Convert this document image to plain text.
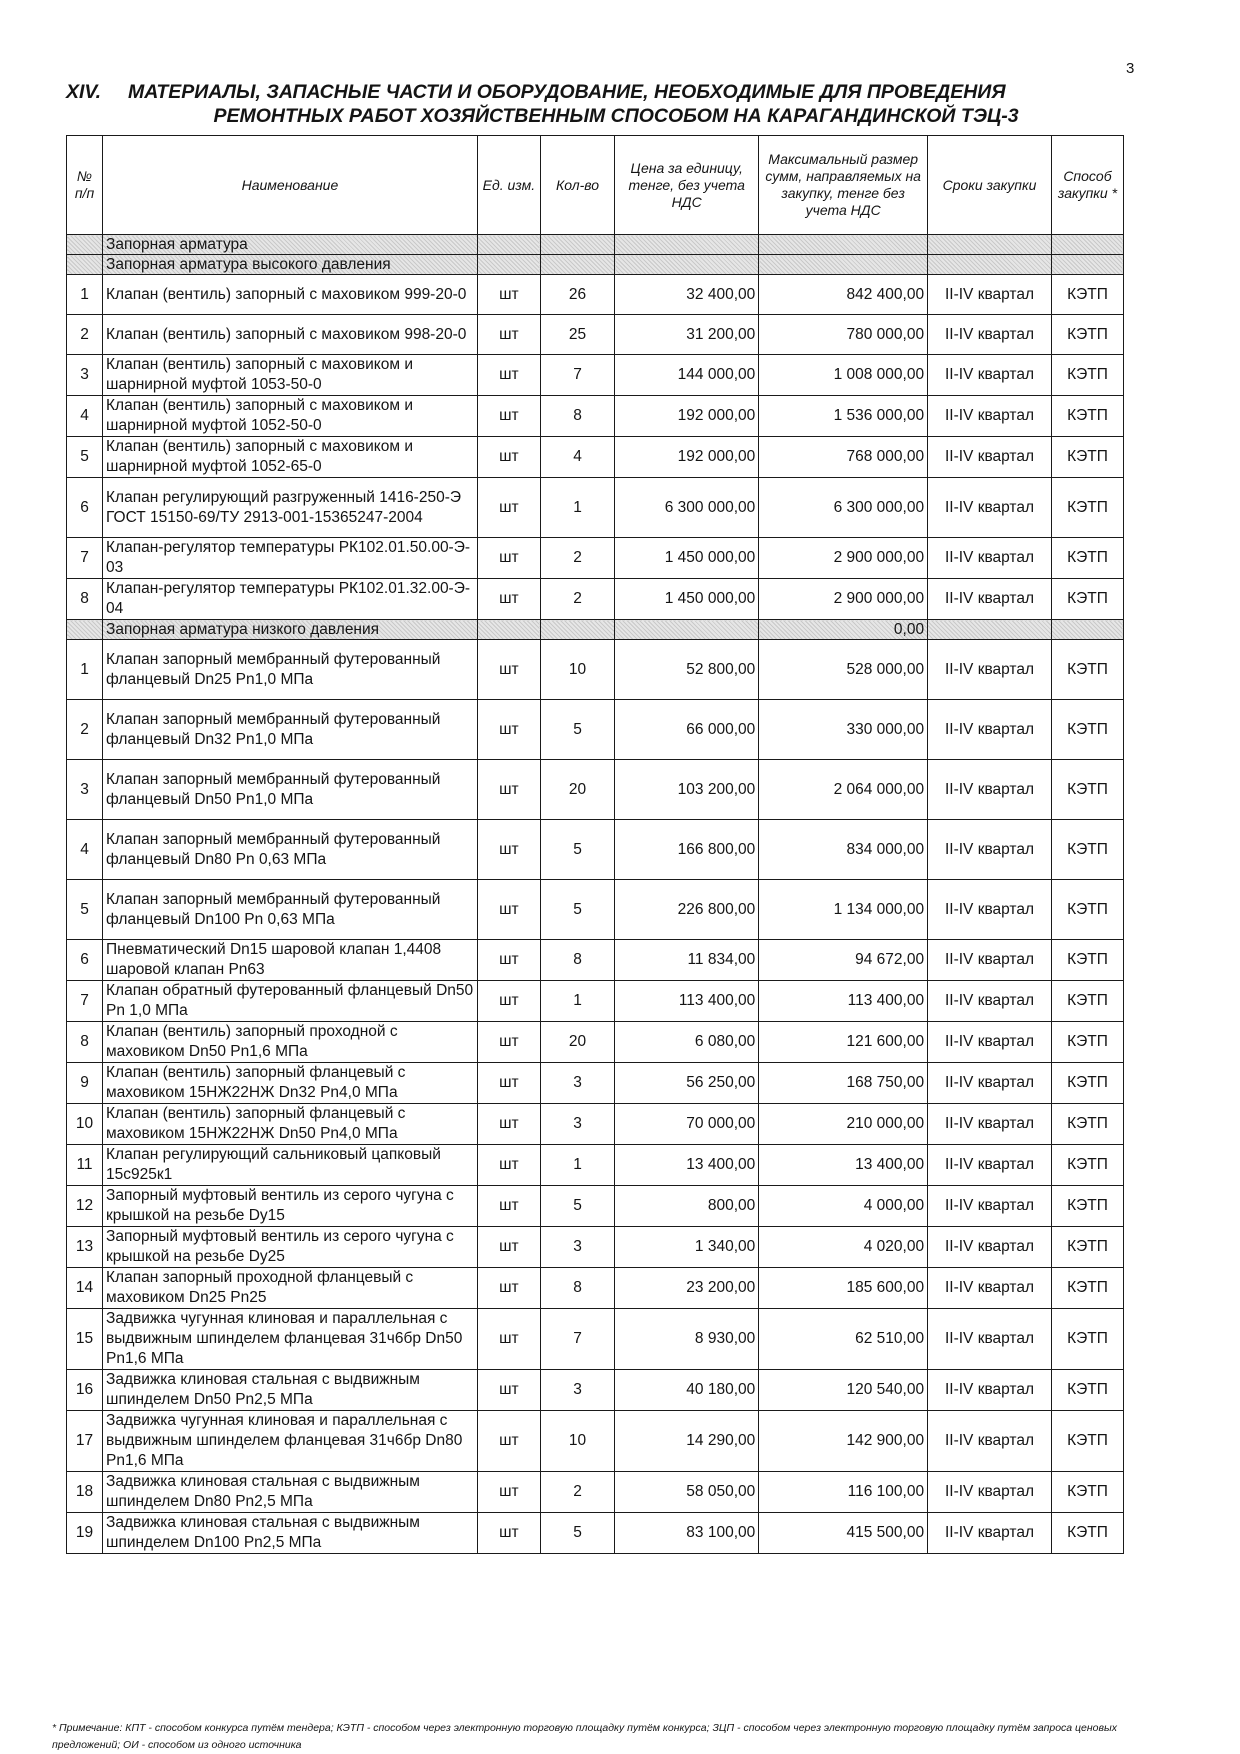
3
XIV.	МАТЕРИАЛЫ, ЗАПАСНЫЕ ЧАСТИ И ОБОРУДОВАНИЕ, НЕОБХОДИМЫЕ ДЛЯ ПРОВЕДЕНИЯ
РЕМОНТНЫХ РАБОТ ХОЗЯЙСТВЕННЫМ СПОСОБОМ НА КАРАГАНДИНСКОЙ ТЭЦ-3
№ п/п	Наименование	Ед. изм.	Кол-во	Цена за единицу, тенге, без учета НДС	Максимальный размер сумм, направляемых на закупку, тенге без учета НДС	Сроки закупки	Способ закупки *
	Запорная арматура						
	Запорная арматура высокого давления						
1	Клапан (вентиль) запорный с маховиком 999-20-0	шт	26	32 400,00	842 400,00	II-IV квартал	КЭТП
2	Клапан (вентиль) запорный с маховиком 998-20-0	шт	25	31 200,00	780 000,00	II-IV квартал	КЭТП
3	Клапан (вентиль) запорный с маховиком и шарнирной муфтой 1053-50-0	шт	7	144 000,00	1 008 000,00	II-IV квартал	КЭТП
4	Клапан (вентиль) запорный с маховиком и шарнирной муфтой 1052-50-0	шт	8	192 000,00	1 536 000,00	II-IV квартал	КЭТП
5	Клапан (вентиль) запорный с маховиком и шарнирной муфтой 1052-65-0	шт	4	192 000,00	768 000,00	II-IV квартал	КЭТП
6	Клапан регулирующий разгруженный 1416-250-Э ГОСТ 15150-69/ТУ 2913-001-15365247-2004	шт	1	6 300 000,00	6 300 000,00	II-IV квартал	КЭТП
7	Клапан-регулятор температуры РК102.01.50.00-Э- 03	шт	2	1 450 000,00	2 900 000,00	II-IV квартал	КЭТП
8	Клапан-регулятор температуры РК102.01.32.00-Э- 04	шт	2	1 450 000,00	2 900 000,00	II-IV квартал	КЭТП
	Запорная арматура низкого давления				0,00		
1	Клапан запорный мембранный футерованный фланцевый Dn25 Pn1,0 МПа	шт	10	52 800,00	528 000,00	II-IV квартал	КЭТП
2	Клапан запорный мембранный футерованный фланцевый Dn32 Pn1,0 МПа	шт	5	66 000,00	330 000,00	II-IV квартал	КЭТП
3	Клапан запорный мембранный футерованный фланцевый Dn50 Pn1,0 МПа	шт	20	103 200,00	2 064 000,00	II-IV квартал	КЭТП
4	Клапан запорный мембранный футерованный фланцевый Dn80 Pn 0,63 МПа	шт	5	166 800,00	834 000,00	II-IV квартал	КЭТП
5	Клапан запорный мембранный футерованный фланцевый Dn100 Pn 0,63 МПа	шт	5	226 800,00	1 134 000,00	II-IV квартал	КЭТП
6	Пневматический Dn15 шаровой клапан 1,4408 шаровой клапан Pn63	шт	8	11 834,00	94 672,00	II-IV квартал	КЭТП
7	Клапан обратный футерованный фланцевый Dn50 Pn 1,0 МПа	шт	1	113 400,00	113 400,00	II-IV квартал	КЭТП
8	Клапан (вентиль) запорный проходной с маховиком Dn50 Pn1,6 МПа	шт	20	6 080,00	121 600,00	II-IV квартал	КЭТП
9	Клапан (вентиль) запорный фланцевый с маховиком 15НЖ22НЖ Dn32 Pn4,0 МПа	шт	3	56 250,00	168 750,00	II-IV квартал	КЭТП
10	Клапан (вентиль) запорный фланцевый с маховиком 15НЖ22НЖ Dn50 Pn4,0 МПа	шт	3	70 000,00	210 000,00	II-IV квартал	КЭТП
11	Клапан регулирующий сальниковый цапковый 15с925к1	шт	1	13 400,00	13 400,00	II-IV квартал	КЭТП
12	Запорный муфтовый вентиль из серого чугуна с крышкой на резьбе Dy15	шт	5	800,00	4 000,00	II-IV квартал	КЭТП
13	Запорный муфтовый вентиль из серого чугуна с крышкой на резьбе Dy25	шт	3	1 340,00	4 020,00	II-IV квартал	КЭТП
14	Клапан запорный проходной фланцевый с маховиком Dn25 Pn25	шт	8	23 200,00	185 600,00	II-IV квартал	КЭТП
15	Задвижка чугунная клиновая и параллельная с выдвижным шпинделем фланцевая 31ч6бр Dn50 Pn1,6 МПа	шт	7	8 930,00	62 510,00	II-IV квартал	КЭТП
16	Задвижка клиновая стальная с выдвижным шпинделем Dn50 Pn2,5 МПа	шт	3	40 180,00	120 540,00	II-IV квартал	КЭТП
17	Задвижка чугунная клиновая и параллельная с выдвижным шпинделем фланцевая 31ч6бр Dn80 Pn1,6 МПа	шт	10	14 290,00	142 900,00	II-IV квартал	КЭТП
18	Задвижка клиновая стальная с выдвижным шпинделем Dn80 Pn2,5 МПа	шт	2	58 050,00	116 100,00	II-IV квартал	КЭТП
19	Задвижка клиновая стальная с выдвижным шпинделем Dn100 Pn2,5 МПа	шт	5	83 100,00	415 500,00	II-IV квартал	КЭТП
* Примечание: КПТ - способом конкурса путём тендера; КЭТП - способом через электронную торговую площадку путём конкурса; ЗЦП - способом через электронную торговую площадку путём запроса ценовых предложений; ОИ - способом из одного источника
